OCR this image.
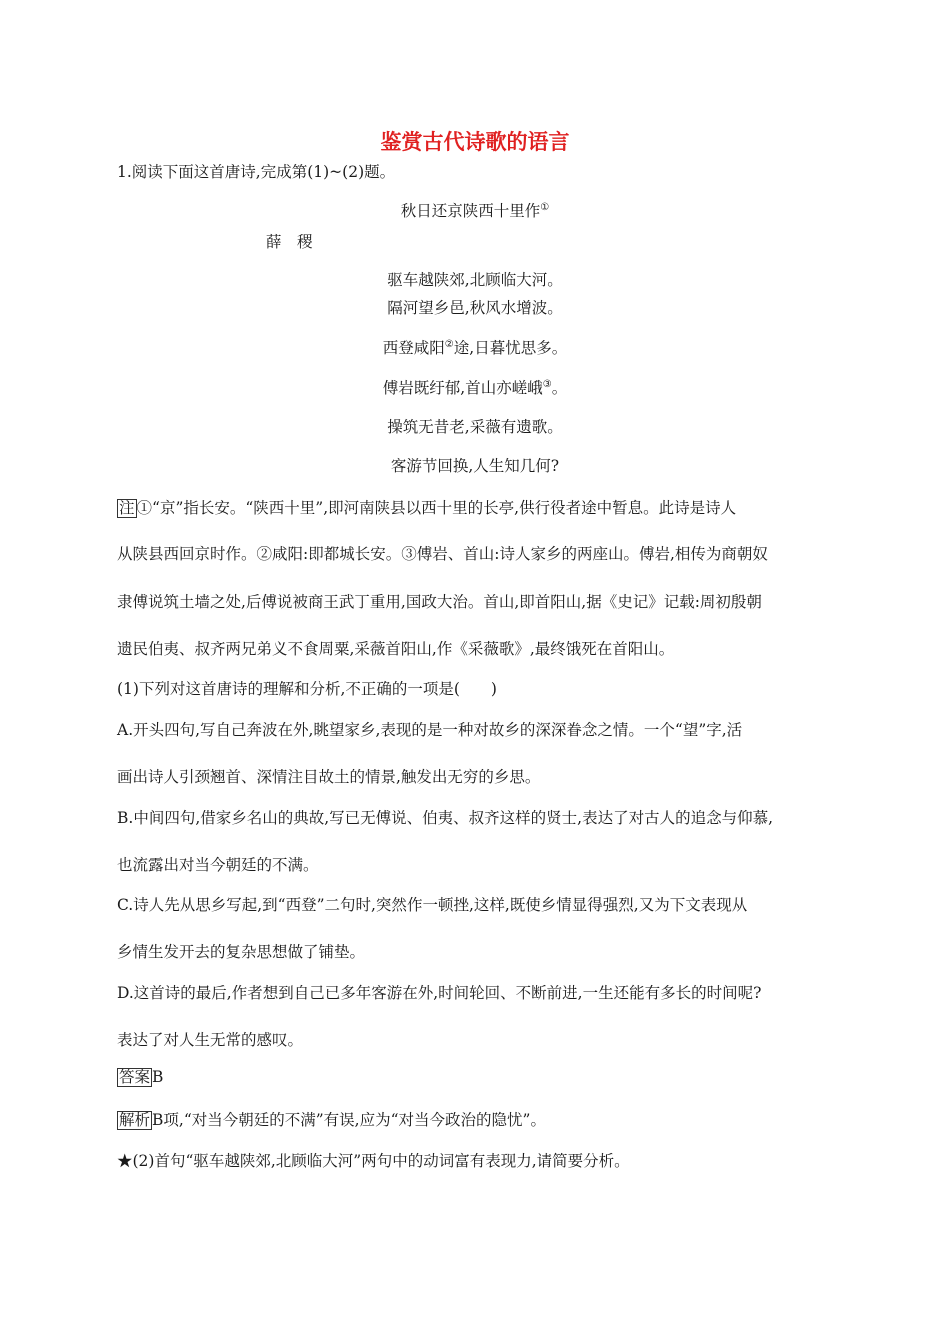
鉴赏古代诗歌的语言
1.阅读下面这首唐诗,完成第(1)~(2)题。
秋日还京陕西十里作①
薛　稷
驱车越陕郊,北顾临大河。
隔河望乡邑,秋风水增波。
西登咸阳②途,日暮忧思多。
傅岩既纡郁,首山亦嵯峨③。
操筑无昔老,采薇有遗歌。
客游节回换,人生知几何?
注 ①“京”指长安。“陕西十里”,即河南陕县以西十里的长亭,供行役者途中暂息。此诗是诗人
从陕县西回京时作。②咸阳:即都城长安。③傅岩、首山:诗人家乡的两座山。傅岩,相传为商朝奴
隶傅说筑土墙之处,后傅说被商王武丁重用,国政大治。首山,即首阳山,据《史记》记载:周初殷朝
遗民伯夷、叔齐两兄弟义不食周粟,采薇首阳山,作《采薇歌》,最终饿死在首阳山。
(1)下列对这首唐诗的理解和分析,不正确的一项是(　　)
A.开头四句,写自己奔波在外,眺望家乡,表现的是一种对故乡的深深眷念之情。一个“望”字,活
画出诗人引颈翘首、深情注目故土的情景,触发出无穷的乡思。
B.中间四句,借家乡名山的典故,写已无傅说、伯夷、叔齐这样的贤士,表达了对古人的追念与仰慕,
也流露出对当今朝廷的不满。
C.诗人先从思乡写起,到“西登”二句时,突然作一顿挫,这样,既使乡情显得强烈,又为下文表现从
乡情生发开去的复杂思想做了铺垫。
D.这首诗的最后,作者想到自己已多年客游在外,时间轮回、不断前进,一生还能有多长的时间呢?
表达了对人生无常的感叹。
答案 B
解析 B项,“对当今朝廷的不满”有误,应为“对当今政治的隐忧”。
★(2)首句“驱车越陕郊,北顾临大河”两句中的动词富有表现力,请简要分析。
